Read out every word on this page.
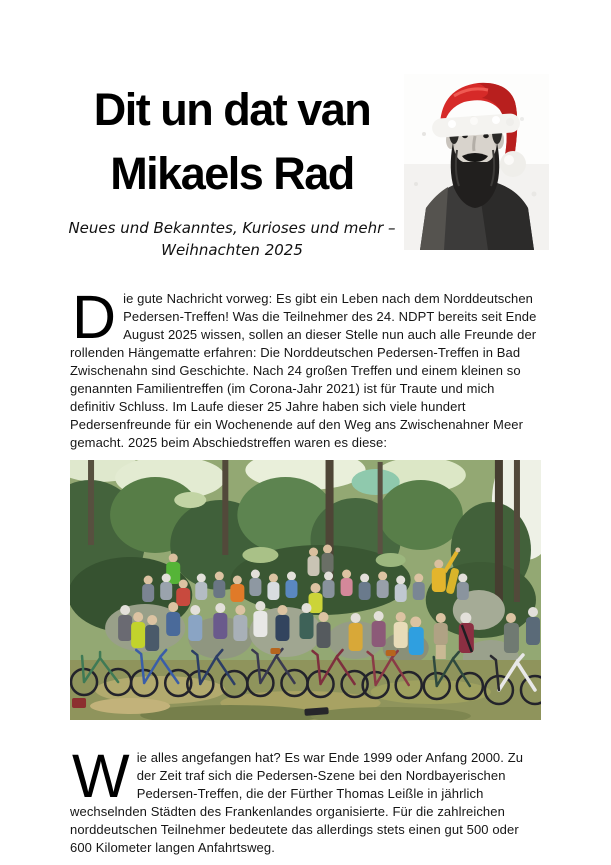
Dit un dat van
Mikaels Rad
Neues und Bekanntes, Kurioses und mehr –
Weihnachten 2025

Die gute Nachricht vorweg: Es gibt ein Leben nach dem Norddeutschen Pedersen-Treffen! Was die Teilnehmer des 24. NDPT bereits seit Ende August 2025 wissen, sollen an dieser Stelle nun auch alle Freunde der rollenden Hängematte erfahren: Die Norddeutschen Pedersen-Treffen in Bad Zwischenahn sind Geschichte. Nach 24 großen Treffen und einem kleinen so genannten Familientreffen (im Corona-Jahr 2021) ist für Traute und mich definitiv Schluss. Im Laufe dieser 25 Jahre haben sich viele hundert Pedersenfreunde für ein Wochenende auf den Weg ans Zwischenahner Meer gemacht. 2025 beim Abschiedstreffen waren es diese:

Wie alles angefangen hat? Es war Ende 1999 oder Anfang 2000. Zu der Zeit traf sich die Pedersen-Szene bei den Nordbayerischen Pedersen-Treffen, die der Fürther Thomas Leißle in jährlich wechselnden Städten des Frankenlandes organisierte. Für die zahlreichen norddeutschen Teilnehmer bedeutete das allerdings stets einen gut 500 oder 600 Kilometer langen Anfahrtsweg.
